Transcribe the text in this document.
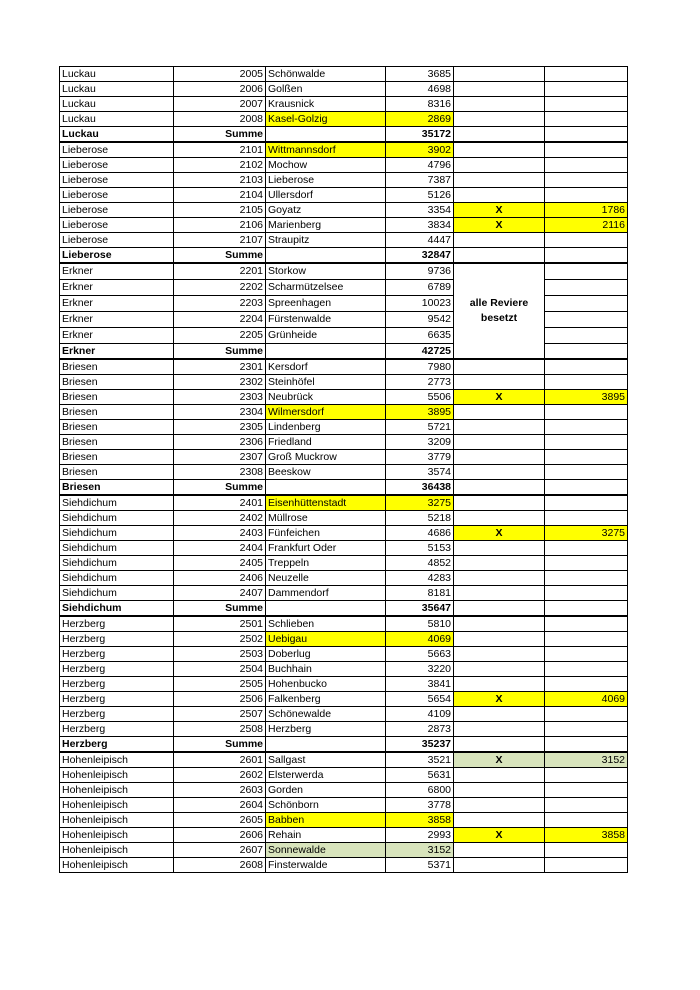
Luckau	2005	Schönwalde	3685		
Luckau	2006	Golßen	4698		
Luckau	2007	Krausnick	8316		
Luckau	2008	Kasel-Golzig	2869		
Luckau	Summe		35172		
Lieberose	2101	Wittmannsdorf	3902		
Lieberose	2102	Mochow	4796		
Lieberose	2103	Lieberose	7387		
Lieberose	2104	Ullersdorf	5126		
Lieberose	2105	Goyatz	3354	X	1786
Lieberose	2106	Marienberg	3834	X	2116
Lieberose	2107	Straupitz	4447		
Lieberose	Summe		32847		
Erkner	2201	Storkow	9736	alle Reviere besetzt	
Erkner	2202	Scharmützelsee	6789		
Erkner	2203	Spreenhagen	10023		
Erkner	2204	Fürstenwalde	9542		
Erkner	2205	Grünheide	6635		
Erkner	Summe		42725		
Briesen	2301	Kersdorf	7980		
Briesen	2302	Steinhöfel	2773		
Briesen	2303	Neubrück	5506	X	3895
Briesen	2304	Wilmersdorf	3895		
Briesen	2305	Lindenberg	5721		
Briesen	2306	Friedland	3209		
Briesen	2307	Groß Muckrow	3779		
Briesen	2308	Beeskow	3574		
Briesen	Summe		36438		
Siehdichum	2401	Eisenhüttenstadt	3275		
Siehdichum	2402	Müllrose	5218		
Siehdichum	2403	Fünfeichen	4686	X	3275
Siehdichum	2404	Frankfurt Oder	5153		
Siehdichum	2405	Treppeln	4852		
Siehdichum	2406	Neuzelle	4283		
Siehdichum	2407	Dammendorf	8181		
Siehdichum	Summe		35647		
Herzberg	2501	Schlieben	5810		
Herzberg	2502	Uebigau	4069		
Herzberg	2503	Doberlug	5663		
Herzberg	2504	Buchhain	3220		
Herzberg	2505	Hohenbucko	3841		
Herzberg	2506	Falkenberg	5654	X	4069
Herzberg	2507	Schönewalde	4109		
Herzberg	2508	Herzberg	2873		
Herzberg	Summe		35237		
Hohenleipisch	2601	Sallgast	3521	X	3152
Hohenleipisch	2602	Elsterwerda	5631		
Hohenleipisch	2603	Gorden	6800		
Hohenleipisch	2604	Schönborn	3778		
Hohenleipisch	2605	Babben	3858		
Hohenleipisch	2606	Rehain	2993	X	3858
Hohenleipisch	2607	Sonnewalde	3152		
Hohenleipisch	2608	Finsterwalde	5371		
